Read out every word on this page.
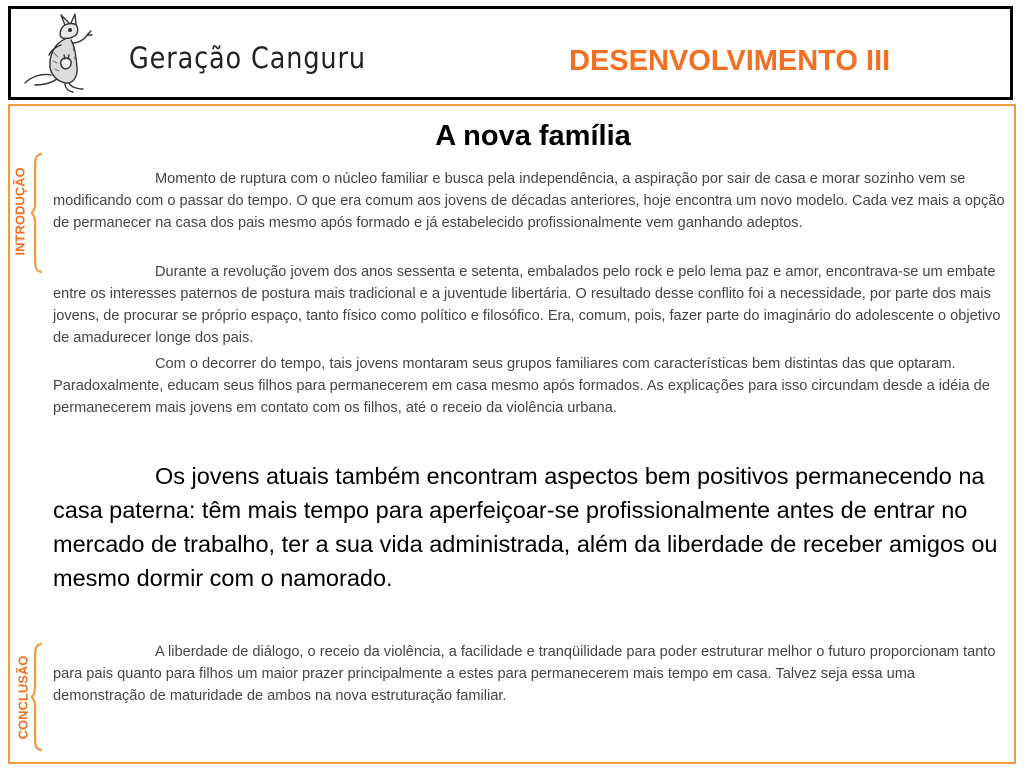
Geração Canguru	DESENVOLVIMENTO III
A nova família
INTRODUÇÃO
CONCLUSÃO

Momento de ruptura com o núcleo familiar e busca pela independência, a aspiração por sair de casa e morar sozinho vem se modificando com o passar do tempo. O que era comum aos jovens de décadas anteriores, hoje encontra um novo modelo. Cada vez mais a opção de permanecer na casa dos pais mesmo após formado e já estabelecido profissionalmente vem ganhando adeptos.

Durante a revolução jovem dos anos sessenta e setenta, embalados pelo rock e pelo lema paz e amor, encontrava-se um embate entre os interesses paternos de postura mais tradicional e a juventude libertária. O resultado desse conflito foi a necessidade, por parte dos mais jovens, de procurar se próprio espaço, tanto físico como político e filosófico. Era, comum, pois, fazer parte do imaginário do adolescente o objetivo de amadurecer longe dos pais.

Com o decorrer do tempo, tais jovens montaram seus grupos familiares com características bem distintas das que optaram. Paradoxalmente, educam seus filhos para permanecerem em casa mesmo após formados. As explicações para isso circundam desde a idéia de permanecerem mais jovens em contato com os filhos, até o receio da violência urbana.

Os jovens atuais também encontram aspectos bem positivos permanecendo na casa paterna: têm mais tempo para aperfeiçoar-se profissionalmente antes de entrar no mercado de trabalho, ter a sua vida administrada, além da liberdade de receber amigos ou mesmo dormir com o namorado.

A liberdade de diálogo, o receio da violência, a facilidade e tranqüilidade para poder estruturar melhor o futuro proporcionam tanto para pais quanto para filhos um maior prazer principalmente a estes para permanecerem mais tempo em casa. Talvez seja essa uma demonstração de maturidade de ambos na nova estruturação familiar.
